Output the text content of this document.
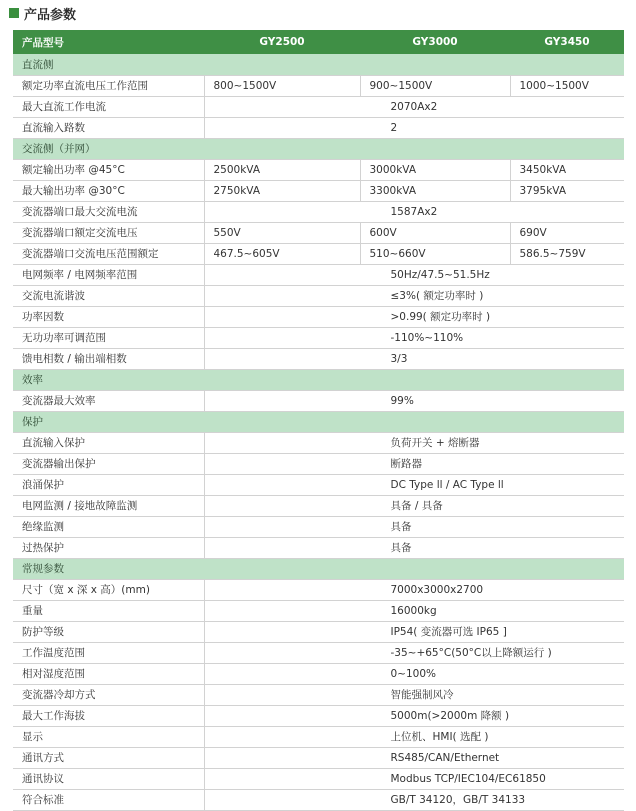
产品参数
产品型号	GY2500	GY3000	GY3450
直流侧			
额定功率直流电压工作范围	800~1500V	900~1500V	1000~1500V
最大直流工作电流	2070Ax2		
直流输入路数	2		
交流侧（并网）			
额定输出功率 @45°C	2500kVA	3000kVA	3450kVA
最大输出功率 @30°C	2750kVA	3300kVA	3795kVA
变流器端口最大交流电流	1587Ax2		
变流器端口额定交流电压	550V	600V	690V
变流器端口交流电压范围额定	467.5~605V	510~660V	586.5~759V
电网频率 / 电网频率范围	50Hz/47.5~51.5Hz		
交流电流谐波	≤3%( 额定功率时 )		
功率因数	>0.99( 额定功率时 )		
无功功率可调范围	-110%~110%		
馈电相数 / 输出端相数	3/3		
效率			
变流器最大效率	99%		
保护			
直流输入保护	负荷开关 + 熔断器		
变流器输出保护	断路器		
浪涌保护	DC Type ll / AC Type ll		
电网监测 / 接地故障监测	具备 / 具备		
绝缘监测	具备		
过热保护	具备		
常规参数			
尺寸（宽 x 深 x 高）(mm)	7000x3000x2700		
重量	16000kg		
防护等级	IP54( 变流器可选 IP65 ]		
工作温度范围	-35~+65°C(50°C以上降额运行 )		
相对湿度范围	0~100%		
变流器冷却方式	智能强制风冷		
最大工作海拔	5000m(>2000m 降额 )		
显示	上位机、HMI( 选配 )		
通讯方式	RS485/CAN/Ethernet		
通讯协议	Modbus TCP/IEC104/EC61850		
符合标准	GB/T 34120，GB/T 34133		
